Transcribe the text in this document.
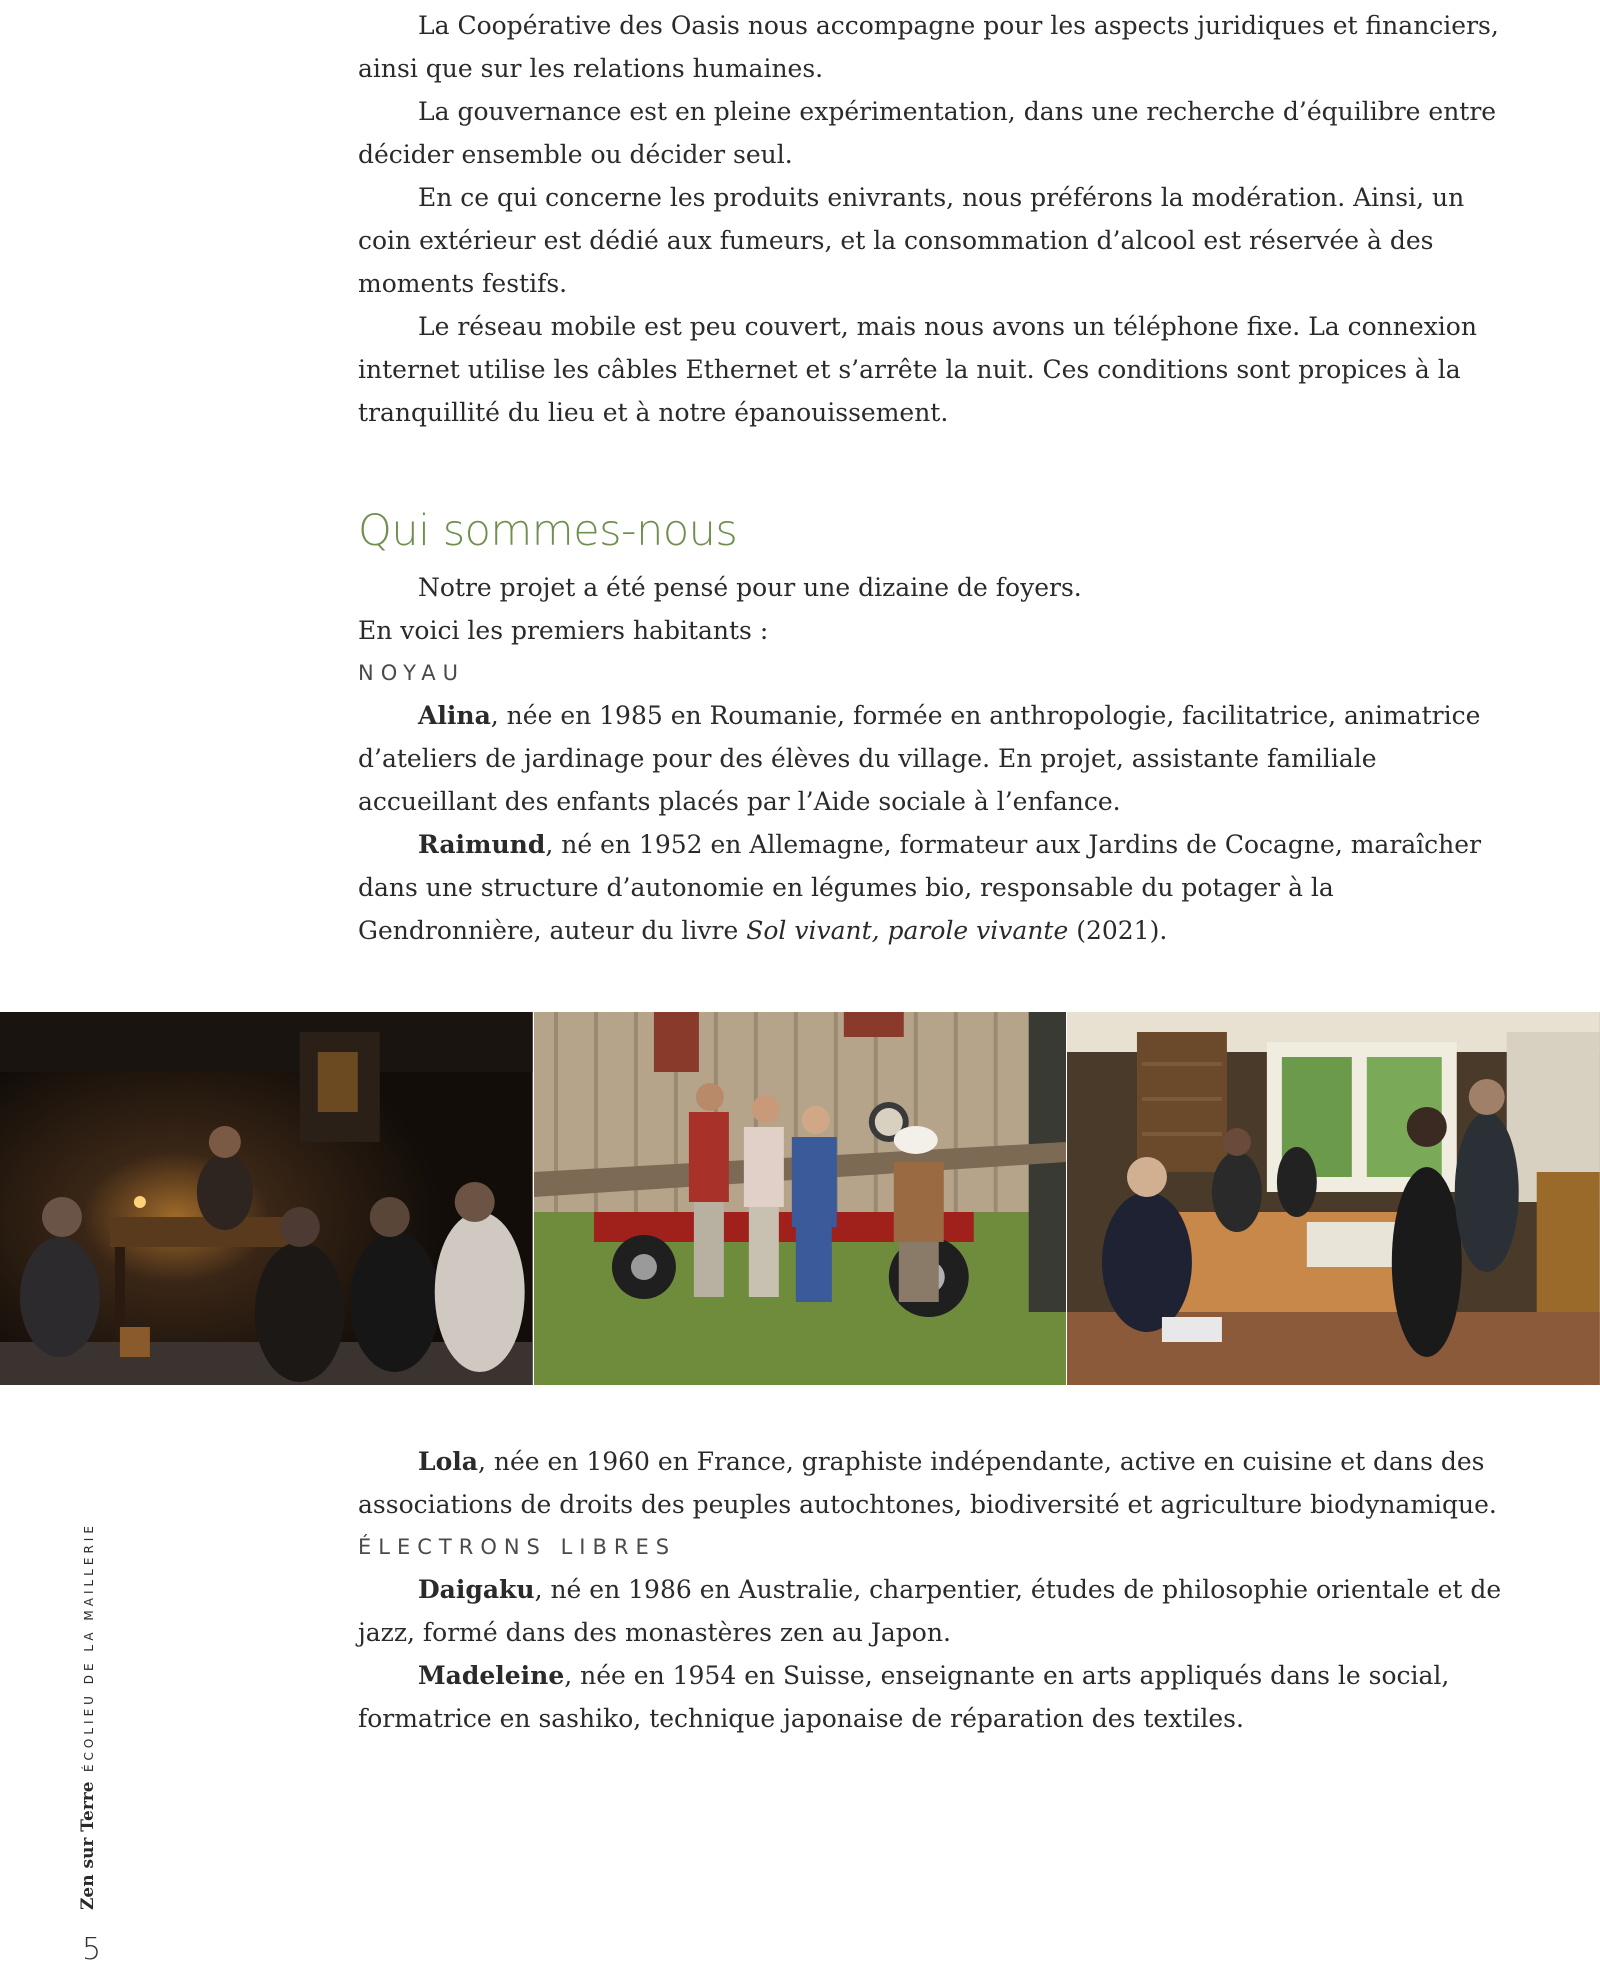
La Coopérative des Oasis nous accompagne pour les aspects juridiques et financiers, ainsi que sur les relations humaines.

La gouvernance est en pleine expérimentation, dans une recherche d’équilibre entre décider ensemble ou décider seul.

En ce qui concerne les produits enivrants, nous préférons la modération. Ainsi, un coin extérieur est dédié aux fumeurs, et la consommation d’alcool est réservée à des moments festifs.

Le réseau mobile est peu couvert, mais nous avons un téléphone fixe. La connexion internet utilise les câbles Ethernet et s’arrête la nuit. Ces conditions sont propices à la tranquillité du lieu et à notre épanouissement.

Qui sommes-nous

Notre projet a été pensé pour une dizaine de foyers.

En voici les premiers habitants :

NOYAU

Alina, née en 1985 en Roumanie, formée en anthropologie, facilitatrice, animatrice d’ateliers de jardinage pour des élèves du village. En projet, assistante familiale accueillant des enfants placés par l’Aide sociale à l’enfance.

Raimund, né en 1952 en Allemagne, formateur aux Jardins de Cocagne, maraîcher dans une structure d’autonomie en légumes bio, responsable du potager à la Gendronnière, auteur du livre Sol vivant, parole vivante (2021).

Lola, née en 1960 en France, graphiste indépendante, active en cuisine et dans des associations de droits des peuples autochtones, biodiversité et agriculture biodynamique.

ÉLECTRONS LIBRES

Daigaku, né en 1986 en Australie, charpentier, études de philosophie orientale et de jazz, formé dans des monastères zen au Japon.

Madeleine, née en 1954 en Suisse, enseignante en arts appliqués dans le social, formatrice en sashiko, technique japonaise de réparation des textiles.

Zen sur Terre ÉCOLIEU DE LA MAILLERIE
5
